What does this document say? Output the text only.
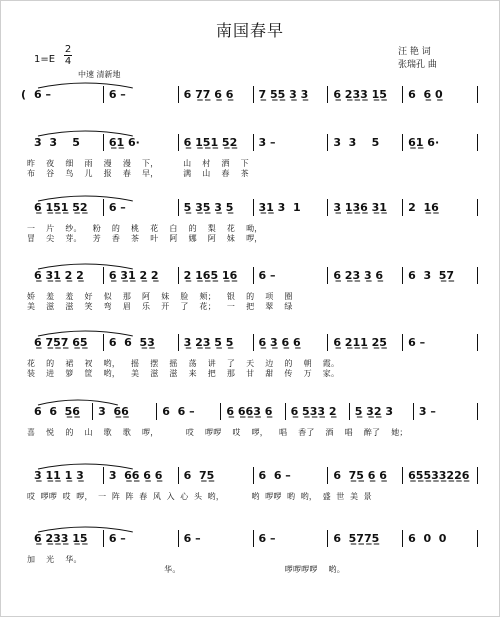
南国春早
1=E
2
4
中速 清新地
汪 艳 词
张瑞孔 曲
6 –	6 –	6 7̲7̲ 6̲ 6̲ 7̲ 5̲5̲ 3̲ 3̲ 6̲ 2̲3̲3̲ 1̲5̲ 6  6̲ 0̲
(
3  3    5	6̲1̲ 6·	6̲ 1̲5̲1̲ 5̲2̲ 3 –	3  3    5	6̲1̲ 6·
昨    夜    细    雨    漫    漫    下，         山    村    洒    下
布    谷    鸟    儿    报    春    早，         满    山    春    茶
6̲ 1̲5̲1̲ 5̲2̲ 6 –	5̲ 3̲5̲ 3̲ 5̲ 3̲1̲ 3  1	3̲ 1̲3̲6̲ 3̲1̲ 2  1̲6̲
一    片    纱。    粉    的    桃    花    白    的    梨    花    呦，
冒    尖    芽。    芳    香    茶    叶    阿    娜    阿    妹    啰，
6̲ 3̲1̲ 2̲ 2̲ 6̲ 3̲1̲ 2̲ 2̲ 2̲ 1̲6̲5̲ 1̲6̲ 6 –	6̲ 2̲3̲ 3̲ 6̲ 6  3  5̲7̲
娇    羞    羞    好    似    那    阿    妹    脸    颊；    银    的    项    圈
美    滋    滋    笑    弯    眉    乐    开    了    花；    一    把    翠    绿
6̲ 7̲5̲7̲ 6̲5̲ 6  6  5̲3̲	3̲ 2̲3̲ 5̲ 5̲ 6̲ 3̲ 6̲ 6̲	6̲ 2̲1̲1̲ 2̲5̲ 6 –
花    的    裙    衩    哟，    摇    摆    摇    荡    讲    了    天    边    的    朝    霞。
装    进    箩    筐    哟，    美    滋    滋    来    把    那    甘    甜    传    万    家。
6  6  5̲6̲ 3  6̲6̲	6  6 –	6̲ 6̲6̲3̲ 6̲ 6̲ 5̲3̲3̲ 2̲ 5̲ 3̲2̲ 3 3 –
喜    悦    的    山    歌    歌    啰，          哎    啰啰    哎    啰，    唱    香了    酒    唱    醉了    她；
3̲ 1̲1̲ 1̲ 3̲ 3  6̲6̲ 6̲ 6̲ 6  7̲5̲	6  6 –	6  7̲5̲ 6̲ 6̲ 6̲5̲5̲3̲3̲2̲2̲6̲
哎  啰啰  哎  啰，  一  阵  阵  春  风  入  心  头  哟，          哟  啰啰  哟  哟，  盛  世  美  景
6̲ 2̲3̲3̲ 1̲5̲ 6 –	6 –	6 –	6  5̲7̲7̲5̲	6  0  0
加    光    华。
华。                                      啰啰啰啰    哟。
